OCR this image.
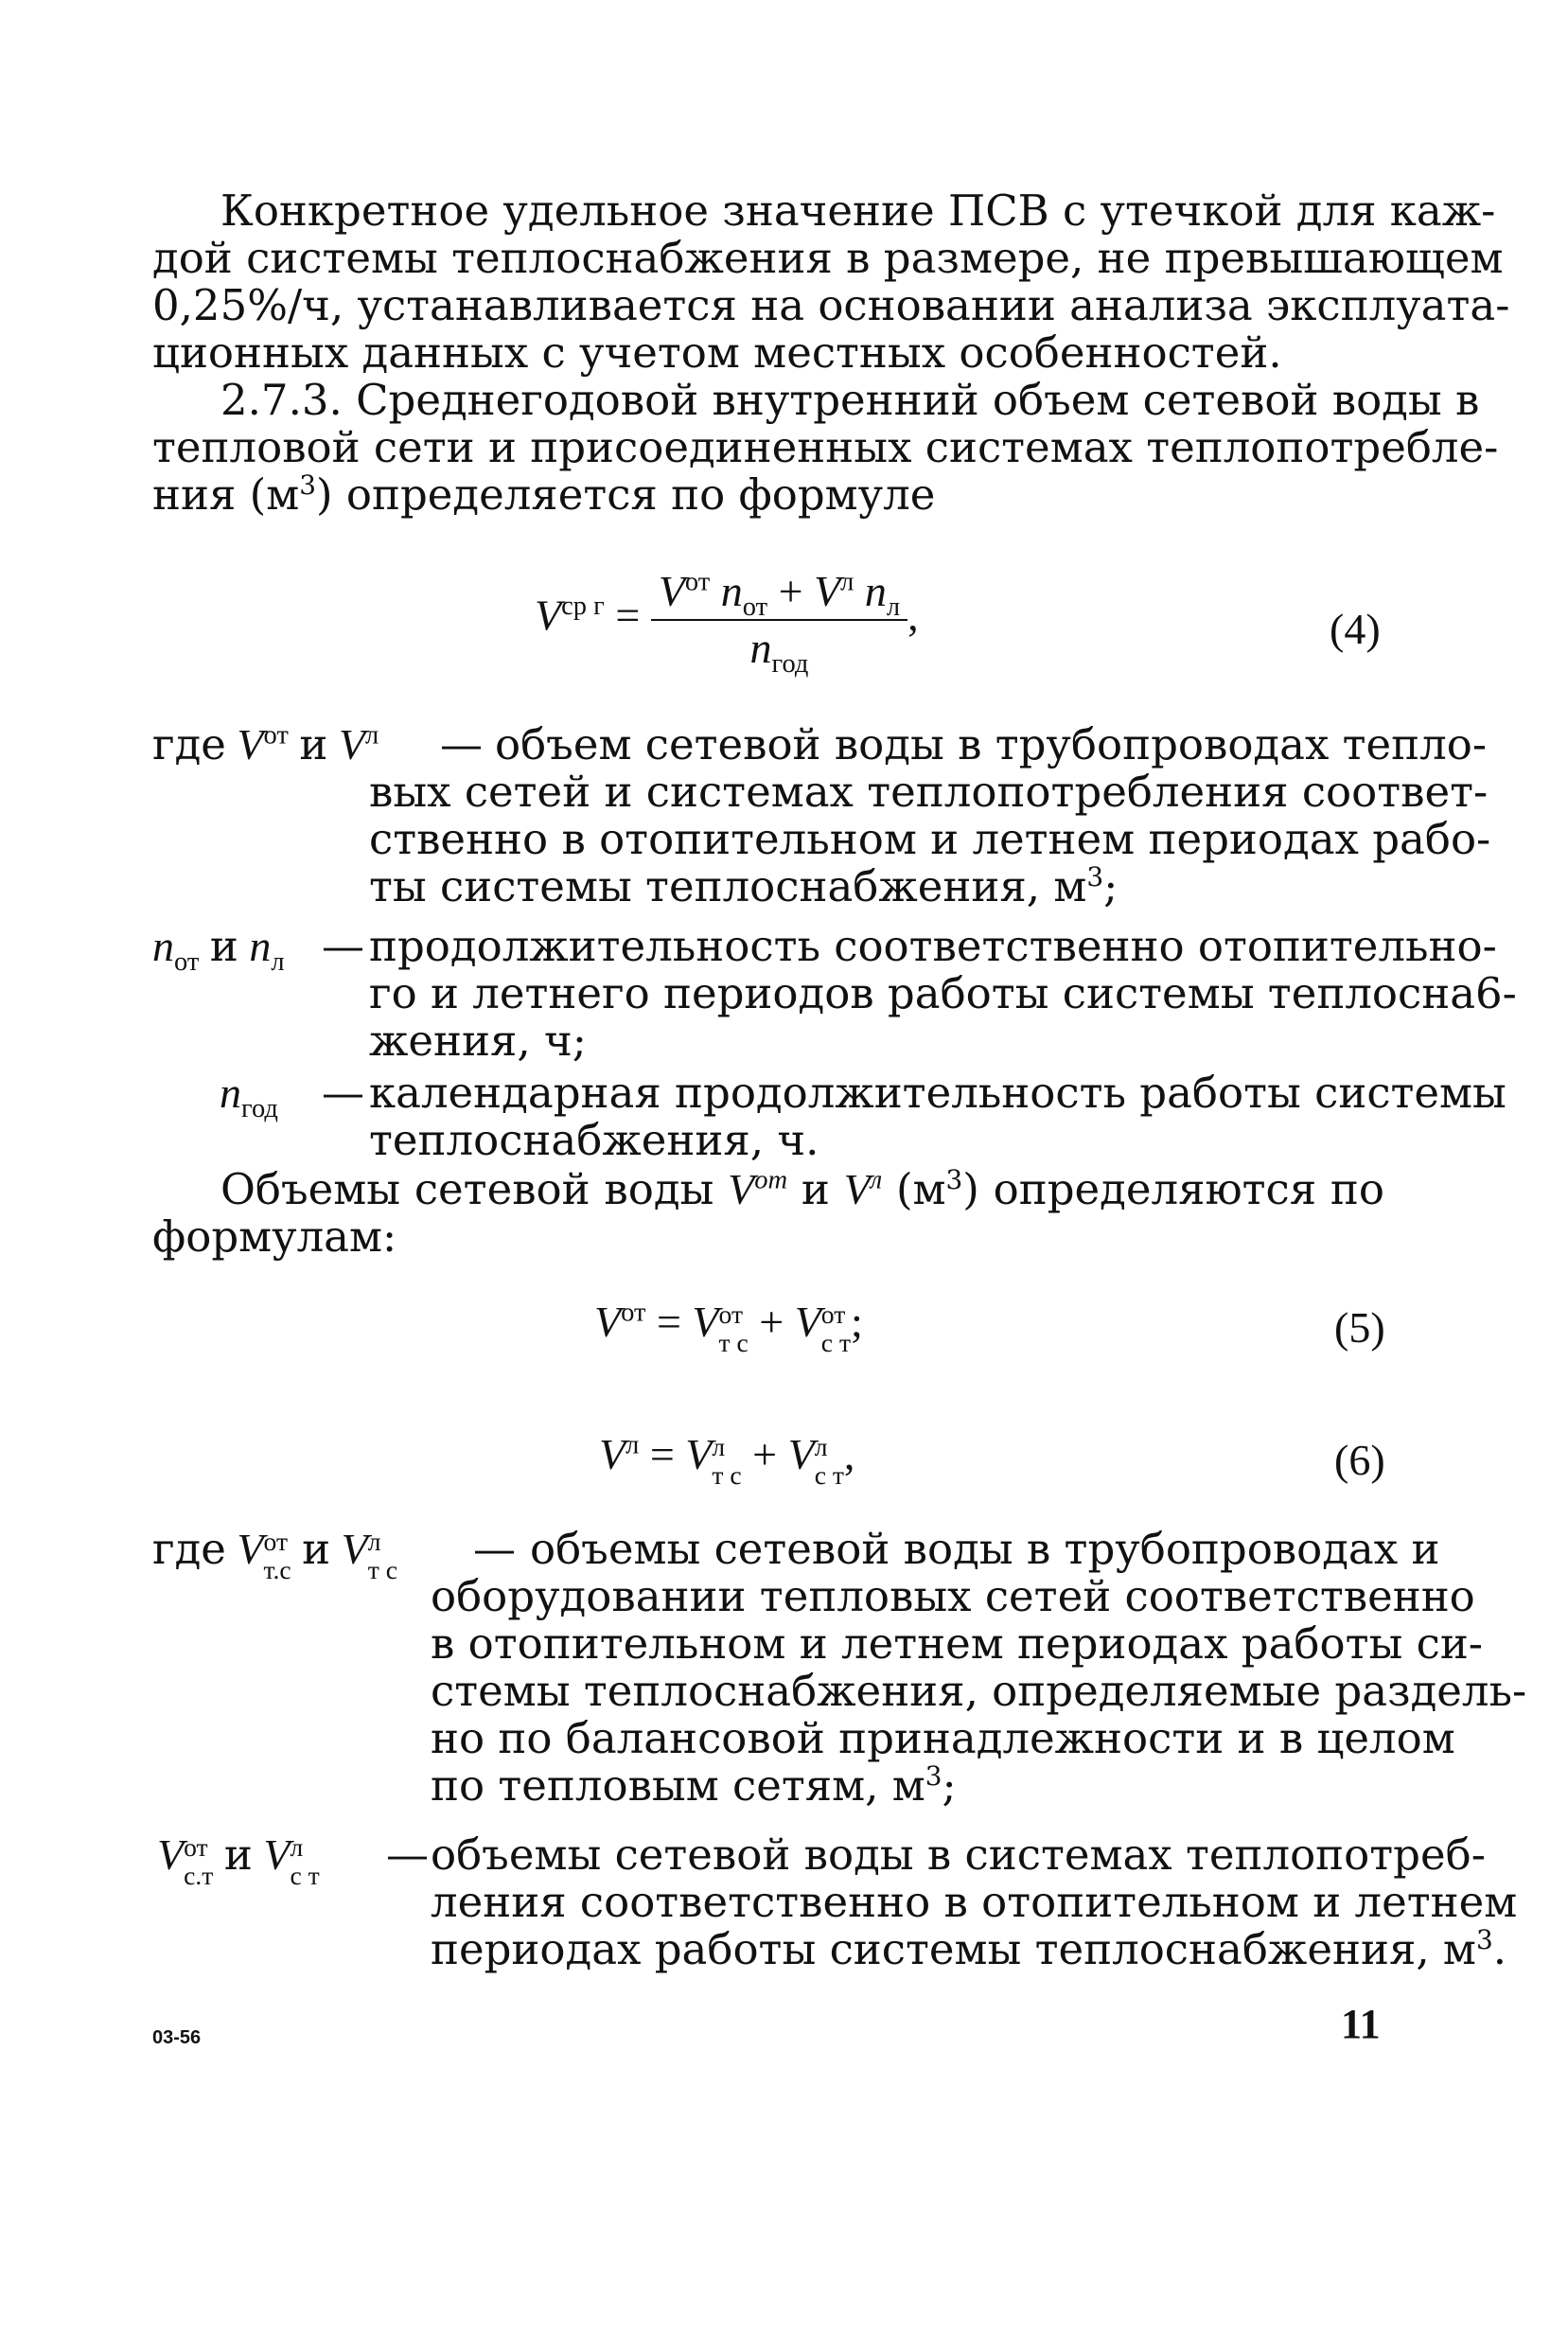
Конкретное удельное значение ПСВ с утечкой для каж-
дой системы теплоснабжения в размере, не превышающем
0,25%/ч, устанавливается на основании анализа эксплуата-
ционных данных с учетом местных особенностей.
2.7.3. Среднегодовой внутренний объем сетевой воды в
тепловой сети и присоединенных системах теплопотребле-
ния $(м^3)$ определяется по формуле
$V^{ср г} = \frac{V^{от} n_{от} + V^л n_л}{n_{год}}$ ,	(4)
где $V^{от}$ и $V^л$ — объем сетевой воды в трубопроводах тепло-
вых сетей и системах теплопотребления соответ-
ственно в отопительном и летнем периодах рабо-
ты системы теплоснабжения, $м^3$;
$n_{от}$ и $n_л$ — продолжительность соответственно отопительно-
го и летнего периодов работы системы теплосна6-
жения, ч;
$n_{год}$ — календарная продолжительность работы системы
теплоснабжения, ч.
Объемы сетевой воды $V^{от}$ и $V^л$ $(м^3)$ определяются по
формулам:
$V^{от} = V$ от
т с + V от
с т ;	(5)
$V^л = V$ л
т с + V л
с т ,	(6)
где V от
т.с и V л
т с — объемы сетевой воды в трубопроводах и
оборудовании тепловых сетей соответственно
в отопительном и летнем периодах работы си-
стемы теплоснабжения, определяемые раздель-
но по балансовой принадлежности и в целом
по тепловым сетям, $м^3$;
V от
с.т и V л
с т — объемы сетевой воды в системах теплопотреб-
ления соответственно в отопительном и летнем
периодах работы системы теплоснабжения, $м^3$.
03-56	11
